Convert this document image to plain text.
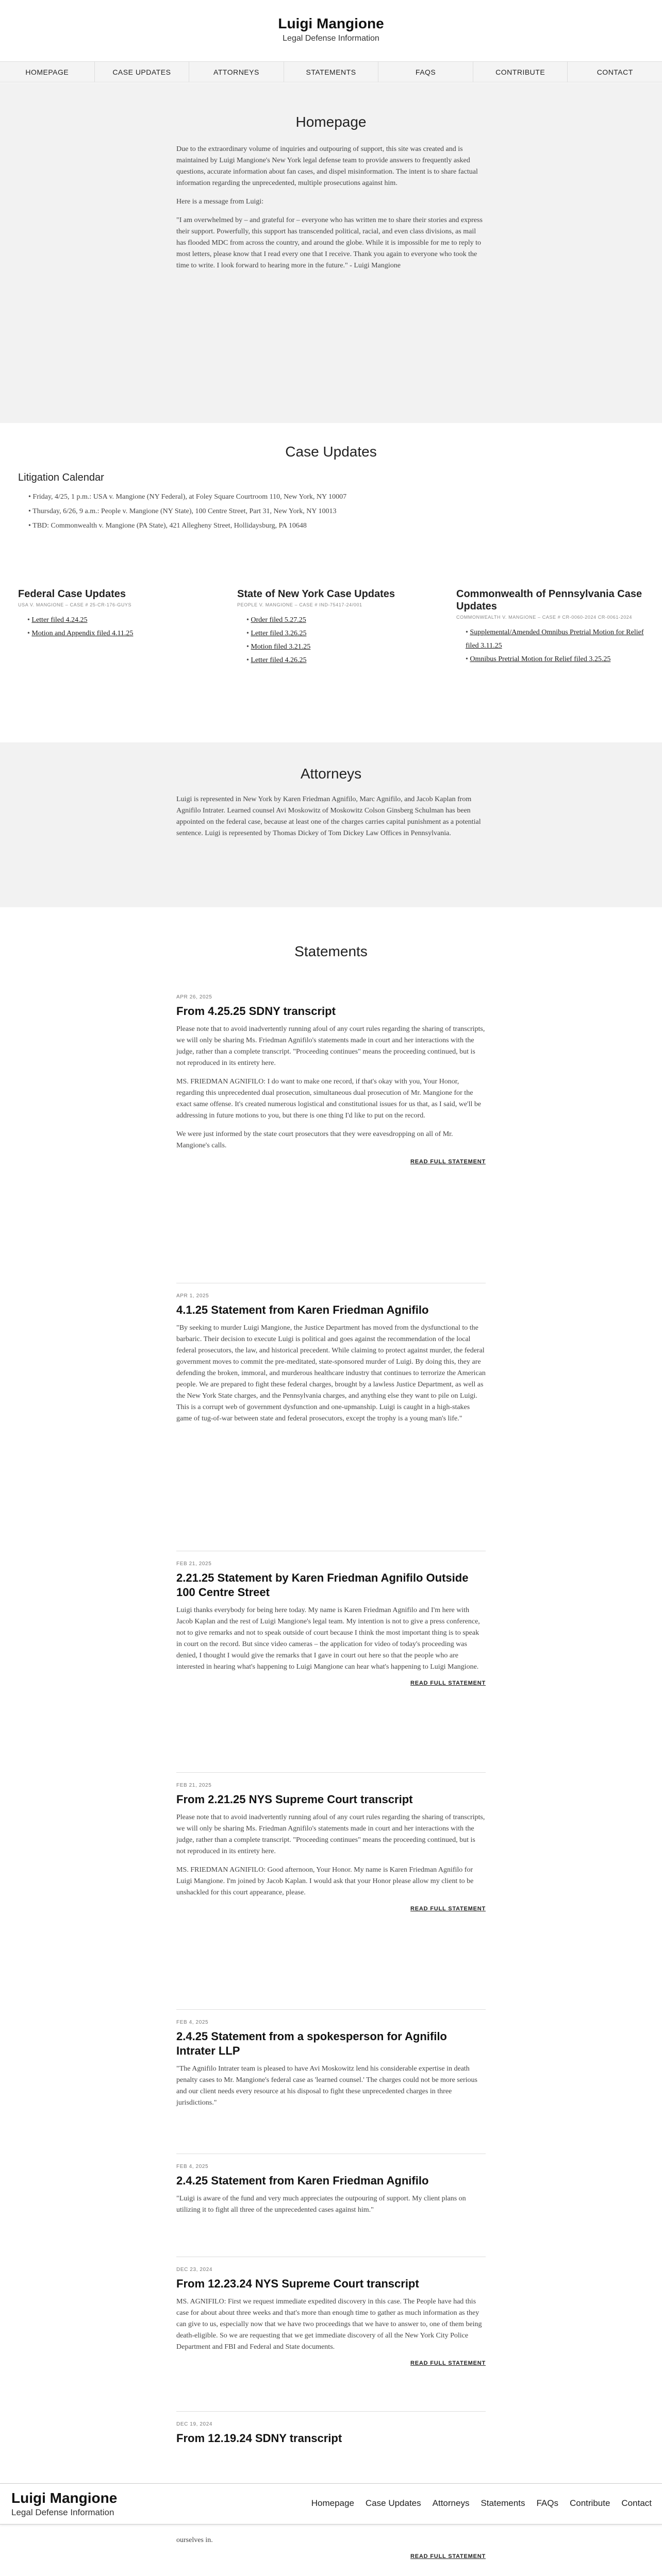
Luigi Mangione
Legal Defense Information
HOMEPAGE	CASE UPDATES	ATTORNEYS	STATEMENTS	FAQS	CONTRIBUTE	CONTACT
Homepage

Due to the extraordinary volume of inquiries and outpouring of support, this site was created and is maintained by Luigi Mangione's New York legal defense team to provide answers to frequently asked questions, accurate information about fan cases, and dispel misinformation. The intent is to share factual information regarding the unprecedented, multiple prosecutions against him.

Here is a message from Luigi:

"I am overwhelmed by – and grateful for – everyone who has written me to share their stories and express their support. Powerfully, this support has transcended political, racial, and even class divisions, as mail has flooded MDC from across the country, and around the globe. While it is impossible for me to reply to most letters, please know that I read every one that I receive. Thank you again to everyone who took the time to write. I look forward to hearing more in the future." - Luigi Mangione

Case Updates
Litigation Calendar
• Friday, 4/25, 1 p.m.: USA v. Mangione (NY Federal), at Foley Square Courtroom 110, New York, NY 10007
• Thursday, 6/26, 9 a.m.: People v. Mangione (NY State), 100 Centre Street, Part 31, New York, NY 10013
• TBD: Commonwealth v. Mangione (PA State), 421 Allegheny Street, Hollidaysburg, PA 10648
Federal Case Updates
USA V. MANGIONE – CASE # 25-CR-176-GUYS
• Letter filed 4.24.25
• Motion and Appendix filed 4.11.25
State of New York Case Updates
PEOPLE V. MANGIONE – CASE # IND-75417-24/001
• Order filed 5.27.25
• Letter filed 3.26.25
• Motion filed 3.21.25
• Letter filed 4.26.25
Commonwealth of Pennsylvania Case Updates
COMMONWEALTH V. MANGIONE – CASE # CR-0060-2024 CR-0061-2024
• Supplemental/Amended Omnibus Pretrial Motion for Relief filed 3.11.25
• Omnibus Pretrial Motion for Relief filed 3.25.25
Attorneys

Luigi is represented in New York by Karen Friedman Agnifilo, Marc Agnifilo, and Jacob Kaplan from Agnifilo Intrater. Learned counsel Avi Moskowitz of Moskowitz Colson Ginsberg Schulman has been appointed on the federal case, because at least one of the charges carries capital punishment as a potential sentence. Luigi is represented by Thomas Dickey of Tom Dickey Law Offices in Pennsylvania.

Statements
APR 26, 2025
From 4.25.25 SDNY transcript

Please note that to avoid inadvertently running afoul of any court rules regarding the sharing of transcripts, we will only be sharing Ms. Friedman Agnifilo's statements made in court and her interactions with the judge, rather than a complete transcript. "Proceeding continues" means the proceeding continued, but is not reproduced in its entirety here.

MS. FRIEDMAN AGNIFILO: I do want to make one record, if that's okay with you, Your Honor, regarding this unprecedented dual prosecution, simultaneous dual prosecution of Mr. Mangione for the exact same offense. It's created numerous logistical and constitutional issues for us that, as I said, we'll be addressing in future motions to you, but there is one thing I'd like to put on the record.

We were just informed by the state court prosecutors that they were eavesdropping on all of Mr. Mangione's calls.

READ FULL STATEMENT
APR 1, 2025
4.1.25 Statement from Karen Friedman Agnifilo

"By seeking to murder Luigi Mangione, the Justice Department has moved from the dysfunctional to the barbaric. Their decision to execute Luigi is political and goes against the recommendation of the local federal prosecutors, the law, and historical precedent. While claiming to protect against murder, the federal government moves to commit the pre-meditated, state-sponsored murder of Luigi. By doing this, they are defending the broken, immoral, and murderous healthcare industry that continues to terrorize the American people. We are prepared to fight these federal charges, brought by a lawless Justice Department, as well as the New York State charges, and the Pennsylvania charges, and anything else they want to pile on Luigi. This is a corrupt web of government dysfunction and one-upmanship. Luigi is caught in a high-stakes game of tug-of-war between state and federal prosecutors, except the trophy is a young man's life."

FEB 21, 2025
2.21.25 Statement by Karen Friedman Agnifilo Outside 100 Centre Street

Luigi thanks everybody for being here today. My name is Karen Friedman Agnifilo and I'm here with Jacob Kaplan and the rest of Luigi Mangione's legal team. My intention is not to give a press conference, not to give remarks and not to speak outside of court because I think the most important thing is to speak in court on the record. But since video cameras – the application for video of today's proceeding was denied, I thought I would give the remarks that I gave in court out here so that the people who are interested in hearing what's happening to Luigi Mangione can hear what's happening to Luigi Mangione.

READ FULL STATEMENT
FEB 21, 2025
From 2.21.25 NYS Supreme Court transcript

Please note that to avoid inadvertently running afoul of any court rules regarding the sharing of transcripts, we will only be sharing Ms. Friedman Agnifilo's statements made in court and her interactions with the judge, rather than a complete transcript. "Proceeding continues" means the proceeding continued, but is not reproduced in its entirety here.

MS. FRIEDMAN AGNIFILO: Good afternoon, Your Honor. My name is Karen Friedman Agnifilo for Luigi Mangione. I'm joined by Jacob Kaplan. I would ask that your Honor please allow my client to be unshackled for this court appearance, please.

READ FULL STATEMENT
FEB 4, 2025
2.4.25 Statement from a spokesperson for Agnifilo Intrater LLP

"The Agnifilo Intrater team is pleased to have Avi Moskowitz lend his considerable expertise in death penalty cases to Mr. Mangione's federal case as 'learned counsel.' The charges could not be more serious and our client needs every resource at his disposal to fight these unprecedented charges in three jurisdictions."

FEB 4, 2025
2.4.25 Statement from Karen Friedman Agnifilo

"Luigi is aware of the fund and very much appreciates the outpouring of support. My client plans on utilizing it to fight all three of the unprecedented cases against him."

DEC 23, 2024
From 12.23.24 NYS Supreme Court transcript

MS. AGNIFILO: First we request immediate expedited discovery in this case. The People have had this case for about about three weeks and that's more than enough time to gather as much information as they can give to us, especially now that we have two proceedings that we have to answer to, one of them being death-eligible. So we are requesting that we get immediate discovery of all the New York City Police Department and FBI and Federal and State documents.

READ FULL STATEMENT
DEC 19, 2024
From 12.19.24 SDNY transcript
Luigi Mangione
Legal Defense Information
Homepage Case Updates Attorneys Statements FAQs Contribute Contact

ourselves in.

READ FULL STATEMENT
